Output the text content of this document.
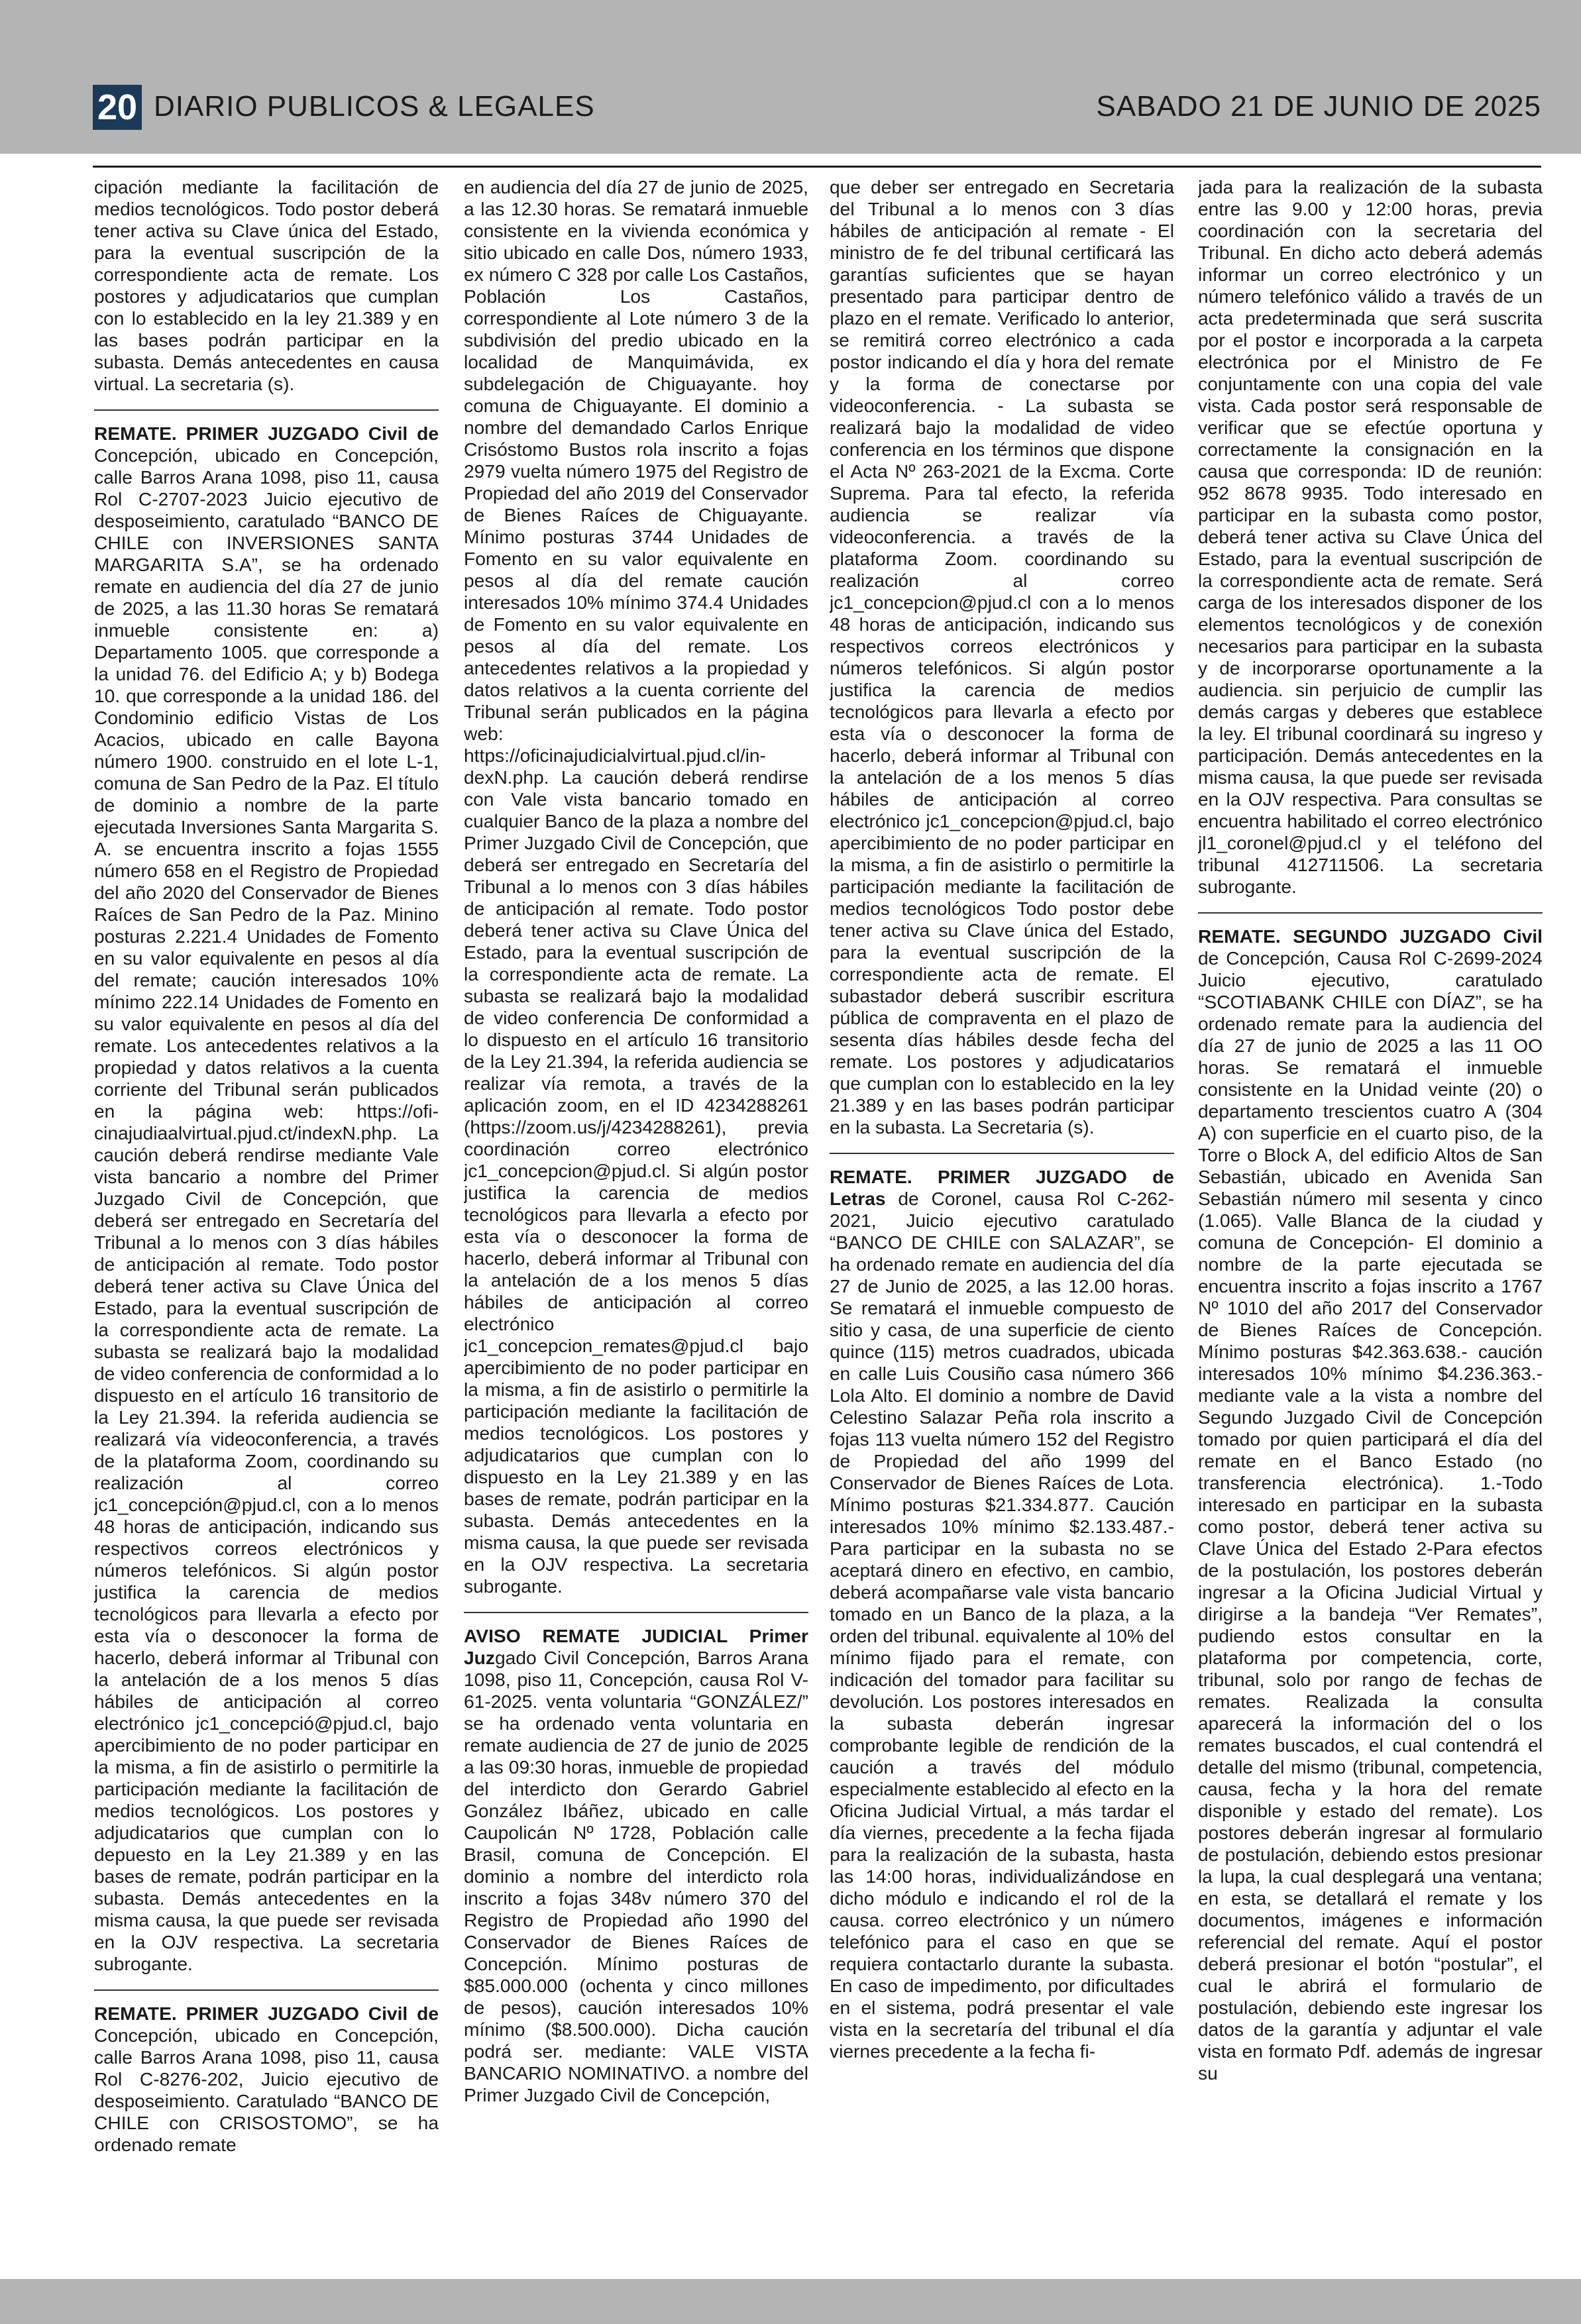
20 DIARIO PUBLICOS & LEGALES	SABADO 21 DE JUNIO DE 2025

cipación mediante la facilitación de medios tecnológicos. Todo postor deberá tener activa su Clave única del Estado, para la eventual suscripción de la correspondiente acta de remate. Los postores y adjudicatarios que cumplan con lo establecido en la ley 21.389 y en las bases podrán participar en la subasta. Demás antecedentes en causa virtual. La secretaria (s).

REMATE. PRIMER JUZGADO Civil de Concepción, ubicado en Concepción, calle Barros Arana 1098, piso 11, causa Rol C-2707-2023 Juicio ejecutivo de desposeimiento, caratulado “BANCO DE CHILE con INVERSIONES SANTA MARGARITA S.A”, se ha ordenado remate en audiencia del día 27 de junio de 2025, a las 11.30 horas Se rematará inmueble consistente en: a) Departamento 1005. que corresponde a la unidad 76. del Edificio A; y b) Bodega 10. que corresponde a la unidad 186. del Condominio edificio Vistas de Los Acacios, ubicado en calle Bayona número 1900. construido en el lote L-1, comuna de San Pedro de la Paz. El título de dominio a nombre de la parte ejecutada Inversiones Santa Margarita S. A. se encuentra inscrito a fojas 1555 número 658 en el Registro de Propiedad del año 2020 del Conservador de Bienes Raíces de San Pedro de la Paz. Minino posturas 2.221.4 Unidades de Fomento en su valor equivalente en pesos al día del remate; caución interesados 10% mínimo 222.14 Unidades de Fomento en su valor equivalente en pesos al día del remate. Los antecedentes relativos a la propiedad y datos relativos a la cuenta corriente del Tribunal serán publicados en la página web: https://ofi-cinajudiaalvirtual.pjud.ct/indexN.php. La caución deberá rendirse mediante Vale vista bancario a nombre del Primer Juzgado Civil de Concepción, que deberá ser entregado en Secretaría del Tribunal a lo menos con 3 días hábiles de anticipación al remate. Todo postor deberá tener activa su Clave Única del Estado, para la eventual suscripción de la correspondiente acta de remate. La subasta se realizará bajo la modalidad de video conferencia de conformidad a lo dispuesto en el artículo 16 transitorio de la Ley 21.394. la referida audiencia se realizará vía videoconferencia, a través de la plataforma Zoom, coordinando su realización al correo jc1_concepción@pjud.cl, con a lo menos 48 horas de anticipación, indicando sus respectivos correos electrónicos y números telefónicos. Si algún postor justifica la carencia de medios tecnológicos para llevarla a efecto por esta vía o desconocer la forma de hacerlo, deberá informar al Tribunal con la antelación de a los menos 5 días hábiles de anticipación al correo electrónico jc1_concepció@pjud.cl, bajo apercibimiento de no poder participar en la misma, a fin de asistirlo o permitirle la participación mediante la facilitación de medios tecnológicos. Los postores y adjudicatarios que cumplan con lo depuesto en la Ley 21.389 y en las bases de remate, podrán participar en la subasta. Demás antecedentes en la misma causa, la que puede ser revisada en la OJV respectiva. La secretaria subrogante.

REMATE. PRIMER JUZGADO Civil de Concepción, ubicado en Concepción, calle Barros Arana 1098, piso 11, causa Rol C-8276-202, Juicio ejecutivo de desposeimiento. Caratulado “BANCO DE CHILE con CRISOSTOMO”, se ha ordenado remate

en audiencia del día 27 de junio de 2025, a las 12.30 horas. Se rematará inmueble consistente en la vivienda económica y sitio ubicado en calle Dos, número 1933, ex número C 328 por calle Los Castaños, Población Los Castaños, correspondiente al Lote número 3 de la subdivisión del predio ubicado en la localidad de Manquimávida, ex subdelegación de Chiguayante. hoy comuna de Chiguayante. El dominio a nombre del demandado Carlos Enrique Crisóstomo Bustos rola inscrito a fojas 2979 vuelta número 1975 del Registro de Propiedad del año 2019 del Conservador de Bienes Raíces de Chiguayante. Mínimo posturas 3744 Unidades de Fomento en su valor equivalente en pesos al día del remate caución interesados 10% mínimo 374.4 Unidades de Fomento en su valor equivalente en pesos al día del remate. Los antecedentes relativos a la propiedad y datos relativos a la cuenta corriente del Tribunal serán publicados en la página web: https://oficinajudicialvirtual.pjud.cl/in-dexN.php. La caución deberá rendirse con Vale vista bancario tomado en cualquier Banco de la plaza a nombre del Primer Juzgado Civil de Concepción, que deberá ser entregado en Secretaría del Tribunal a lo menos con 3 días hábiles de anticipación al remate. Todo postor deberá tener activa su Clave Única del Estado, para la eventual suscripción de la correspondiente acta de remate. La subasta se realizará bajo la modalidad de video conferencia De conformidad a lo dispuesto en el artículo 16 transitorio de la Ley 21.394, la referida audiencia se realizar vía remota, a través de la aplicación zoom, en el ID 4234288261 (https://zoom.us/j/4234288261), previa coordinación correo electrónico jc1_concepcion@pjud.cl. Si algún postor justifica la carencia de medios tecnológicos para llevarla a efecto por esta vía o desconocer la forma de hacerlo, deberá informar al Tribunal con la antelación de a los menos 5 días hábiles de anticipación al correo electrónico jc1_concepcion_remates@pjud.cl bajo apercibimiento de no poder participar en la misma, a fin de asistirlo o permitirle la participación mediante la facilitación de medios tecnológicos. Los postores y adjudicatarios que cumplan con lo dispuesto en la Ley 21.389 y en las bases de remate, podrán participar en la subasta. Demás antecedentes en la misma causa, la que puede ser revisada en la OJV respectiva. La secretaria subrogante.

AVISO REMATE JUDICIAL Primer Juzgado Civil Concepción, Barros Arana 1098, piso 11, Concepción, causa Rol V-61-2025. venta voluntaria “GONZÁLEZ/” se ha ordenado venta voluntaria en remate audiencia de 27 de junio de 2025 a las 09:30 horas, inmueble de propiedad del interdicto don Gerardo Gabriel González Ibáñez, ubicado en calle Caupolicán Nº 1728, Población calle Brasil, comuna de Concepción. El dominio a nombre del interdicto rola inscrito a fojas 348v número 370 del Registro de Propiedad año 1990 del Conservador de Bienes Raíces de Concepción. Mínimo posturas de $85.000.000 (ochenta y cinco millones de pesos), caución interesados 10% mínimo ($8.500.000). Dicha caución podrá ser. mediante: VALE VISTA BANCARIO NOMINATIVO. a nombre del Primer Juzgado Civil de Concepción,

que deber ser entregado en Secretaria del Tribunal a lo menos con 3 días hábiles de anticipación al remate - El ministro de fe del tribunal certificará las garantías suficientes que se hayan presentado para participar dentro de plazo en el remate. Verificado lo anterior, se remitirá correo electrónico a cada postor indicando el día y hora del remate y la forma de conectarse por videoconferencia. - La subasta se realizará bajo la modalidad de video conferencia en los términos que dispone el Acta Nº 263-2021 de la Excma. Corte Suprema. Para tal efecto, la referida audiencia se realizar vía videoconferencia. a través de la plataforma Zoom. coordinando su realización al correo jc1_concepcion@pjud.cl con a lo menos 48 horas de anticipación, indicando sus respectivos correos electrónicos y números telefónicos. Si algún postor justifica la carencia de medios tecnológicos para llevarla a efecto por esta vía o desconocer la forma de hacerlo, deberá informar al Tribunal con la antelación de a los menos 5 días hábiles de anticipación al correo electrónico jc1_concepcion@pjud.cl, bajo apercibimiento de no poder participar en la misma, a fin de asistirlo o permitirle la participación mediante la facilitación de medios tecnológicos Todo postor debe tener activa su Clave única del Estado, para la eventual suscripción de la correspondiente acta de remate. El subastador deberá suscribir escritura pública de compraventa en el plazo de sesenta días hábiles desde fecha del remate. Los postores y adjudicatarios que cumplan con lo establecido en la ley 21.389 y en las bases podrán participar en la subasta. La Secretaria (s).

REMATE. PRIMER JUZGADO de Letras de Coronel, causa Rol C-262-2021, Juicio ejecutivo caratulado “BANCO DE CHILE con SALAZAR”, se ha ordenado remate en audiencia del día 27 de Junio de 2025, a las 12.00 horas. Se rematará el inmueble compuesto de sitio y casa, de una superficie de ciento quince (115) metros cuadrados, ubicada en calle Luis Cousiño casa número 366 Lola Alto. El dominio a nombre de David Celestino Salazar Peña rola inscrito a fojas 113 vuelta número 152 del Registro de Propiedad del año 1999 del Conservador de Bienes Raíces de Lota. Mínimo posturas $21.334.877. Caución interesados 10% mínimo $2.133.487.- Para participar en la subasta no se aceptará dinero en efectivo, en cambio, deberá acompañarse vale vista bancario tomado en un Banco de la plaza, a la orden del tribunal. equivalente al 10% del mínimo fijado para el remate, con indicación del tomador para facilitar su devolución. Los postores interesados en la subasta deberán ingresar comprobante legible de rendición de la caución a través del módulo especialmente establecido al efecto en la Oficina Judicial Virtual, a más tardar el día viernes, precedente a la fecha fijada para la realización de la subasta, hasta las 14:00 horas, individualizándose en dicho módulo e indicando el rol de la causa. correo electrónico y un número telefónico para el caso en que se requiera contactarlo durante la subasta. En caso de impedimento, por dificultades en el sistema, podrá presentar el vale vista en la secretaría del tribunal el día viernes precedente a la fecha fi-

jada para la realización de la subasta entre las 9.00 y 12:00 horas, previa coordinación con la secretaria del Tribunal. En dicho acto deberá además informar un correo electrónico y un número telefónico válido a través de un acta predeterminada que será suscrita por el postor e incorporada a la carpeta electrónica por el Ministro de Fe conjuntamente con una copia del vale vista. Cada postor será responsable de verificar que se efectúe oportuna y correctamente la consignación en la causa que corresponda: ID de reunión: 952 8678 9935. Todo interesado en participar en la subasta como postor, deberá tener activa su Clave Única del Estado, para la eventual suscripción de la correspondiente acta de remate. Será carga de los interesados disponer de los elementos tecnológicos y de conexión necesarios para participar en la subasta y de incorporarse oportunamente a la audiencia. sin perjuicio de cumplir las demás cargas y deberes que establece la ley. El tribunal coordinará su ingreso y participación. Demás antecedentes en la misma causa, la que puede ser revisada en la OJV respectiva. Para consultas se encuentra habilitado el correo electrónico jl1_coronel@pjud.cl y el teléfono del tribunal 412711506. La secretaria subrogante.

REMATE. SEGUNDO JUZGADO Civil de Concepción, Causa Rol C-2699-2024 Juicio ejecutivo, caratulado “SCOTIABANK CHILE con DÍAZ”, se ha ordenado remate para la audiencia del día 27 de junio de 2025 a las 11 OO horas. Se rematará el inmueble consistente en la Unidad veinte (20) o departamento trescientos cuatro A (304 A) con superficie en el cuarto piso, de la Torre o Block A, del edificio Altos de San Sebastián, ubicado en Avenida San Sebastián número mil sesenta y cinco (1.065). Valle Blanca de la ciudad y comuna de Concepción- El dominio a nombre de la parte ejecutada se encuentra inscrito a fojas inscrito a 1767 Nº 1010 del año 2017 del Conservador de Bienes Raíces de Concepción. Mínimo posturas $42.363.638.- caución interesados 10% mínimo $4.236.363.-mediante vale a la vista a nombre del Segundo Juzgado Civil de Concepción tomado por quien participará el día del remate en el Banco Estado (no transferencia electrónica). 1.-Todo interesado en participar en la subasta como postor, deberá tener activa su Clave Única del Estado 2-Para efectos de la postulación, los postores deberán ingresar a la Oficina Judicial Virtual y dirigirse a la bandeja “Ver Remates”, pudiendo estos consultar en la plataforma por competencia, corte, tribunal, solo por rango de fechas de remates. Realizada la consulta aparecerá la información del o los remates buscados, el cual contendrá el detalle del mismo (tribunal, competencia, causa, fecha y la hora del remate disponible y estado del remate). Los postores deberán ingresar al formulario de postulación, debiendo estos presionar la lupa, la cual desplegará una ventana; en esta, se detallará el remate y los documentos, imágenes e información referencial del remate. Aquí el postor deberá presionar el botón “postular”, el cual le abrirá el formulario de postulación, debiendo este ingresar los datos de la garantía y adjuntar el vale vista en formato Pdf. además de ingresar su
